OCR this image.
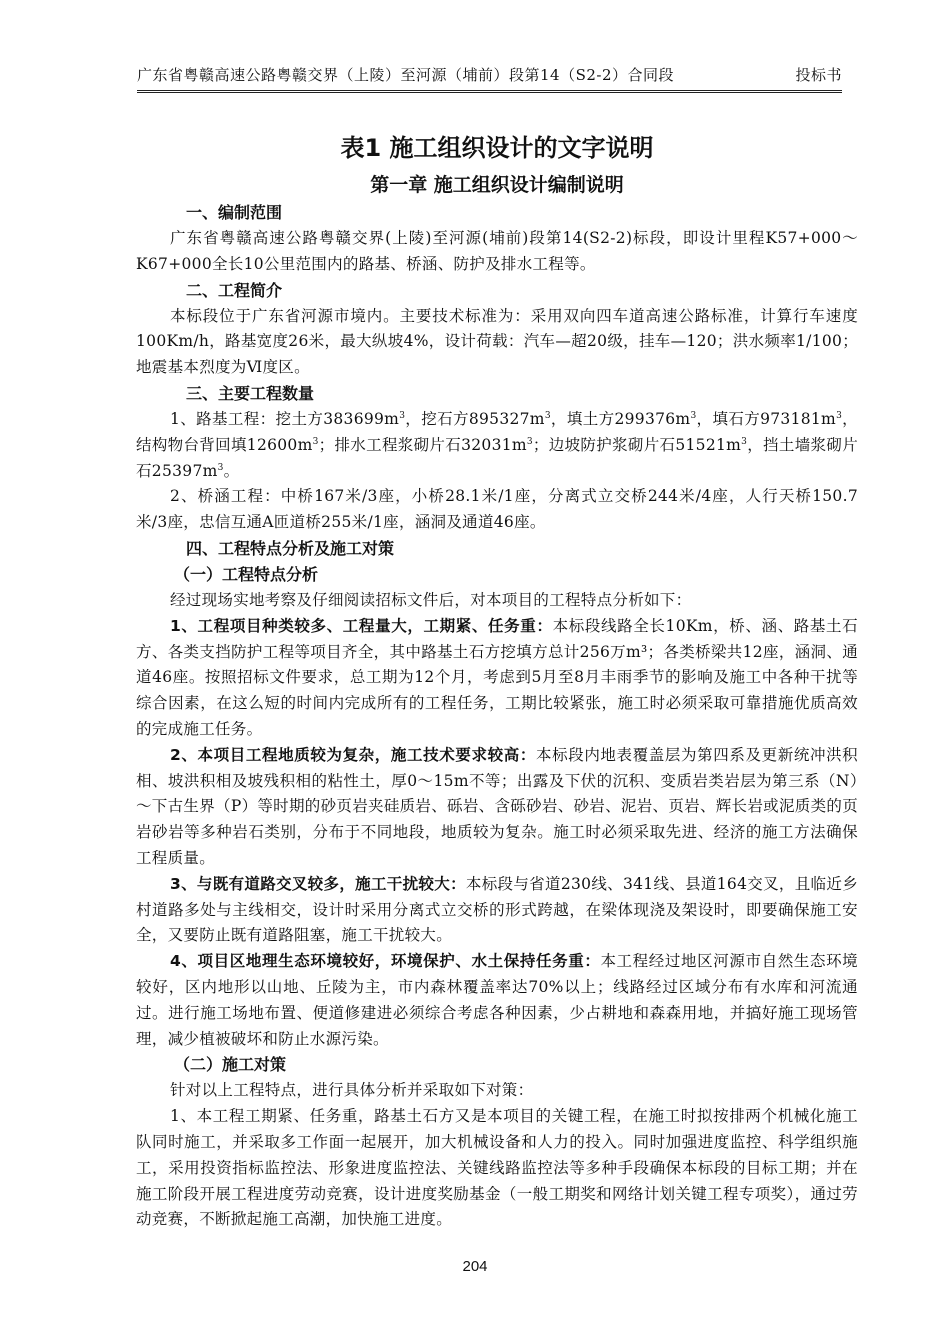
广东省粤赣高速公路粤赣交界（上陵）至河源（埔前）段第14（S2-2）合同段	投标书
表1 施工组织设计的文字说明
第一章 施工组织设计编制说明

一、编制范围

广东省粤赣高速公路粤赣交界(上陵)至河源(埔前)段第14(S2-2)标段，即设计里程K57+000～K67+000全长10公里范围内的路基、桥涵、防护及排水工程等。

二、工程简介

本标段位于广东省河源市境内。主要技术标准为：采用双向四车道高速公路标准，计算行车速度100Km/h，路基宽度26米，最大纵坡4%，设计荷载：汽车—超20级，挂车—120；洪水频率1/100；地震基本烈度为Ⅵ度区。

三、主要工程数量

1、路基工程：挖土方$383699m^3$，挖石方$895327m^3$，填土方$299376m^3$，填石方$973181m^3$，结构物台背回填$12600m^3$；排水工程浆砌片石$32031m^3$；边坡防护浆砌片石$51521m^3$，挡土墙浆砌片石$25397m^3$。

2、桥涵工程：中桥167米/3座，小桥28.1米/1座，分离式立交桥244米/4座，人行天桥150.7米/3座，忠信互通A匝道桥255米/1座，涵洞及通道46座。

四、工程特点分析及施工对策

（一）工程特点分析

经过现场实地考察及仔细阅读招标文件后，对本项目的工程特点分析如下：

1、工程项目种类较多、工程量大，工期紧、任务重：本标段线路全长10Km，桥、涵、路基土石方、各类支挡防护工程等项目齐全，其中路基土石方挖填方总计256万m³；各类桥梁共12座，涵洞、通道46座。按照招标文件要求，总工期为12个月，考虑到5月至8月丰雨季节的影响及施工中各种干扰等综合因素，在这么短的时间内完成所有的工程任务，工期比较紧张，施工时必须采取可靠措施优质高效的完成施工任务。

2、本项目工程地质较为复杂，施工技术要求较高：本标段内地表覆盖层为第四系及更新统冲洪积相、坡洪积相及坡残积相的粘性土，厚0～15m不等；出露及下伏的沉积、变质岩类岩层为第三系（N）～下古生界（P）等时期的砂页岩夹硅质岩、砾岩、含砾砂岩、砂岩、泥岩、页岩、辉长岩或泥质类的页岩砂岩等多种岩石类别，分布于不同地段，地质较为复杂。施工时必须采取先进、经济的施工方法确保工程质量。

3、与既有道路交叉较多，施工干扰较大：本标段与省道230线、341线、县道164交叉，且临近乡村道路多处与主线相交，设计时采用分离式立交桥的形式跨越，在梁体现浇及架设时，即要确保施工安全，又要防止既有道路阻塞，施工干扰较大。

4、项目区地理生态环境较好，环境保护、水土保持任务重：本工程经过地区河源市自然生态环境较好，区内地形以山地、丘陵为主，市内森林覆盖率达70%以上；线路经过区域分布有水库和河流通过。进行施工场地布置、便道修建进必须综合考虑各种因素，少占耕地和森森用地，并搞好施工现场管理，减少植被破坏和防止水源污染。

（二）施工对策

针对以上工程特点，进行具体分析并采取如下对策：

1、本工程工期紧、任务重，路基土石方又是本项目的关键工程，在施工时拟按排两个机械化施工队同时施工，并采取多工作面一起展开，加大机械设备和人力的投入。同时加强进度监控、科学组织施工，采用投资指标监控法、形象进度监控法、关键线路监控法等多种手段确保本标段的目标工期；并在施工阶段开展工程进度劳动竞赛，设计进度奖励基金（一般工期奖和网络计划关键工程专项奖），通过劳动竞赛，不断掀起施工高潮，加快施工进度。

204
